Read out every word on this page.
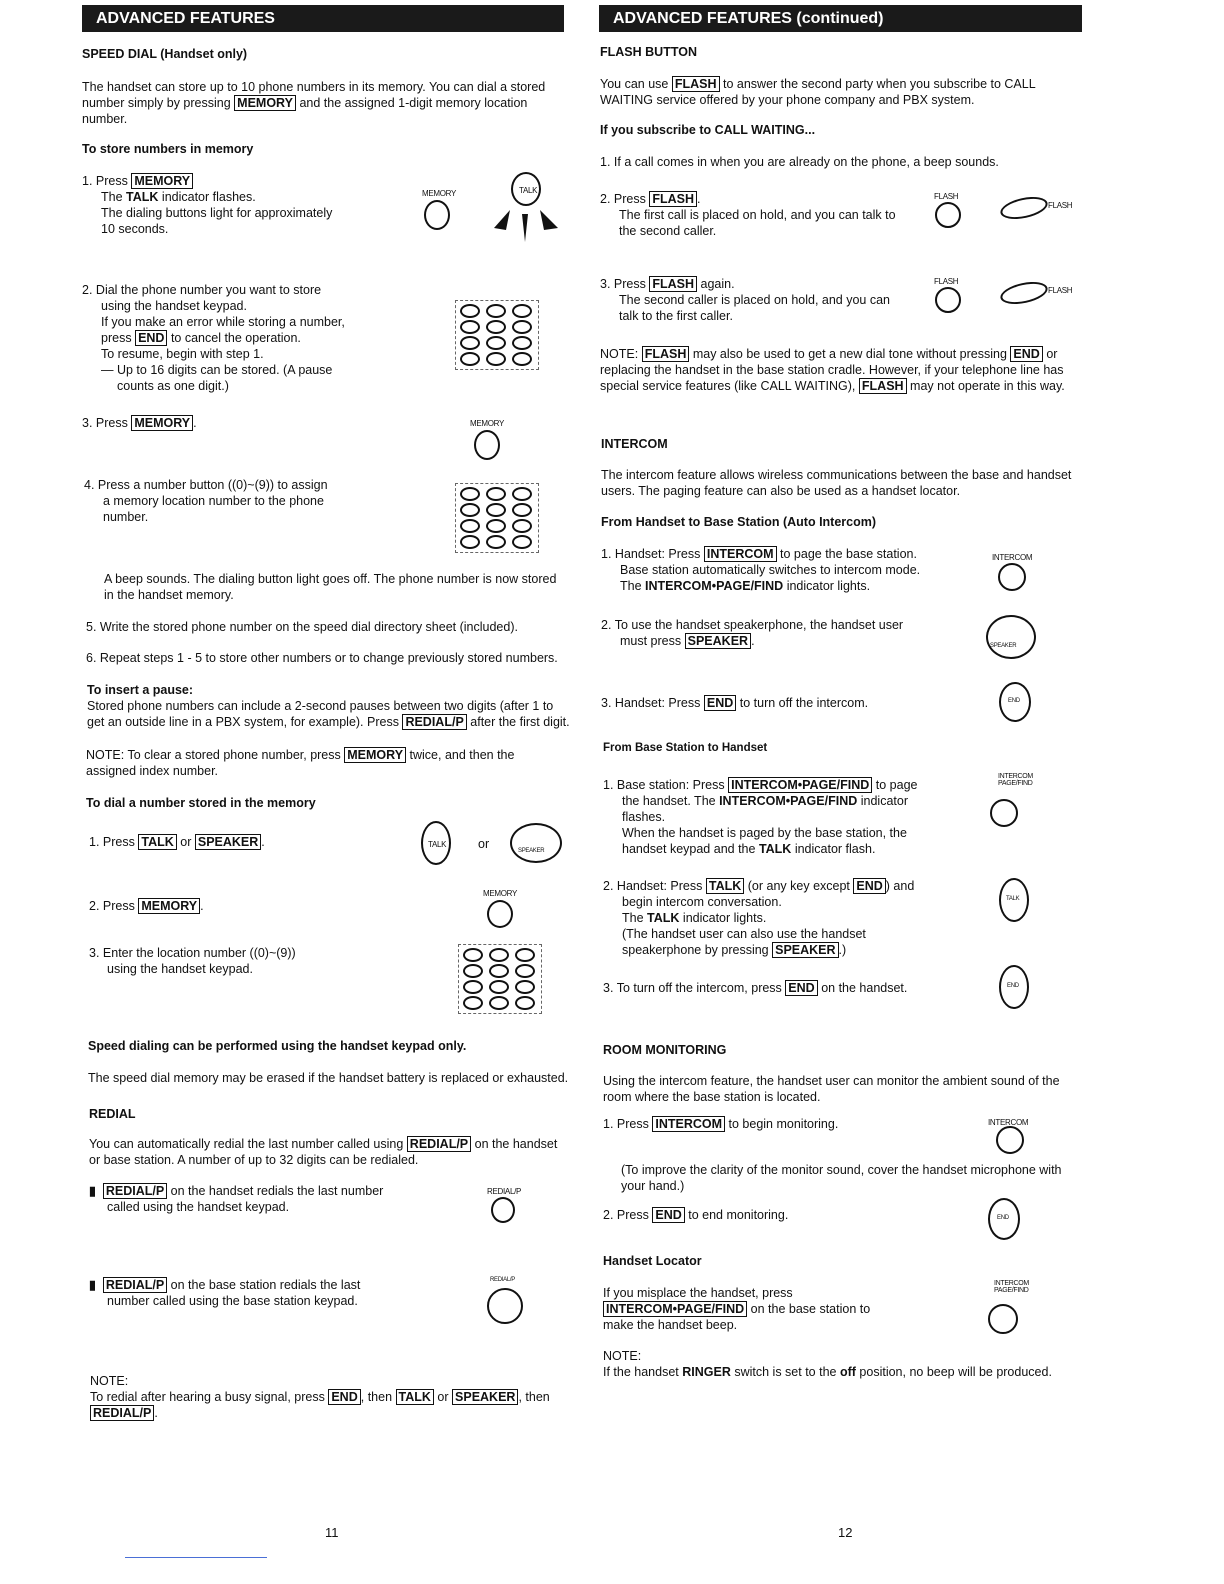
ADVANCED FEATURES
SPEED DIAL (Handset only)
The handset can store up to 10 phone numbers in its memory. You can dial a stored
number simply by pressing MEMORY and the assigned 1-digit memory location
number.
To store numbers in memory
1. Press MEMORY
The TALK indicator flashes.
The dialing buttons light for approximately
10 seconds.
MEMORY	TALK
2. Dial the phone number you want to store
using the handset keypad.
If you make an error while storing a number,
press END to cancel the operation.
To resume, begin with step 1.
— Up to 16 digits can be stored. (A pause
counts as one digit.)
3. Press MEMORY .	MEMORY
4. Press a number button ((0)~(9)) to assign
a memory location number to the phone
number.
A beep sounds. The dialing button light goes off. The phone number is now stored
in the handset memory.
5. Write the stored phone number on the speed dial directory sheet (included).
6. Repeat steps 1 - 5 to store other numbers or to change previously stored numbers.
To insert a pause:
Stored phone numbers can include a 2-second pauses between two digits (after 1 to
get an outside line in a PBX system, for example). Press REDIAL/P after the first digit.
NOTE: To clear a stored phone number, press MEMORY twice, and then the
assigned index number.
To dial a number stored in the memory
1. Press TALK or SPEAKER .	TALK	or	SPEAKER
2. Press MEMORY .
MEMORY
3. Enter the location number ((0)~(9))
using the handset keypad.
Speed dialing can be performed using the handset keypad only.
The speed dial memory may be erased if the handset battery is replaced or exhausted.
REDIAL
You can automatically redial the last number called using REDIAL/P on the handset
or base station. A number of up to 32 digits can be redialed.
▮ REDIAL/P on the handset redials the last number
called using the handset keypad.
REDIAL/P
▮ REDIAL/P on the base station redials the last
number called using the base station keypad.
REDIAL/P
NOTE:
To redial after hearing a busy signal, press END , then TALK or SPEAKER , then
REDIAL/P .
11
ADVANCED FEATURES (continued)
FLASH BUTTON
You can use FLASH to answer the second party when you subscribe to CALL
WAITING service offered by your phone company and PBX system.
If you subscribe to CALL WAITING...
1. If a call comes in when you are already on the phone, a beep sounds.
2. Press FLASH .
The first call is placed on hold, and you can talk to
the second caller.
FLASH
FLASH
3. Press FLASH again.
The second caller is placed on hold, and you can
talk to the first caller.
FLASH
FLASH
NOTE: FLASH may also be used to get a new dial tone without pressing END or
replacing the handset in the base station cradle. However, if your telephone line has
special service features (like CALL WAITING), FLASH may not operate in this way.
INTERCOM
The intercom feature allows wireless communications between the base and handset
users. The paging feature can also be used as a handset locator.
From Handset to Base Station (Auto Intercom)
1. Handset: Press INTERCOM to page the base station.
Base station automatically switches to intercom mode.
The INTERCOM•PAGE/FIND indicator lights.
INTERCOM
2. To use the handset speakerphone, the handset user
must press SPEAKER .	SPEAKER
3. Handset: Press END to turn off the intercom.	END
From Base Station to Handset
1. Base station: Press INTERCOM•PAGE/FIND to page
the handset. The INTERCOM•PAGE/FIND indicator
flashes.
When the handset is paged by the base station, the
handset keypad and the TALK indicator flash.
INTERCOM
PAGE/FIND
2. Handset: Press TALK (or any key except END ) and
begin intercom conversation.
The TALK indicator lights.
(The handset user can also use the handset
speakerphone by pressing SPEAKER .)
TALK
3. To turn off the intercom, press END on the handset.	END
ROOM MONITORING
Using the intercom feature, the handset user can monitor the ambient sound of the
room where the base station is located.
1. Press INTERCOM to begin monitoring.	INTERCOM
(To improve the clarity of the monitor sound, cover the handset microphone with
your hand.)
2. Press END to end monitoring.	END
Handset Locator
If you misplace the handset, press
INTERCOM•PAGE/FIND on the base station to
make the handset beep.
INTERCOM
PAGE/FIND
NOTE:
If the handset RINGER switch is set to the off position, no beep will be produced.
12
